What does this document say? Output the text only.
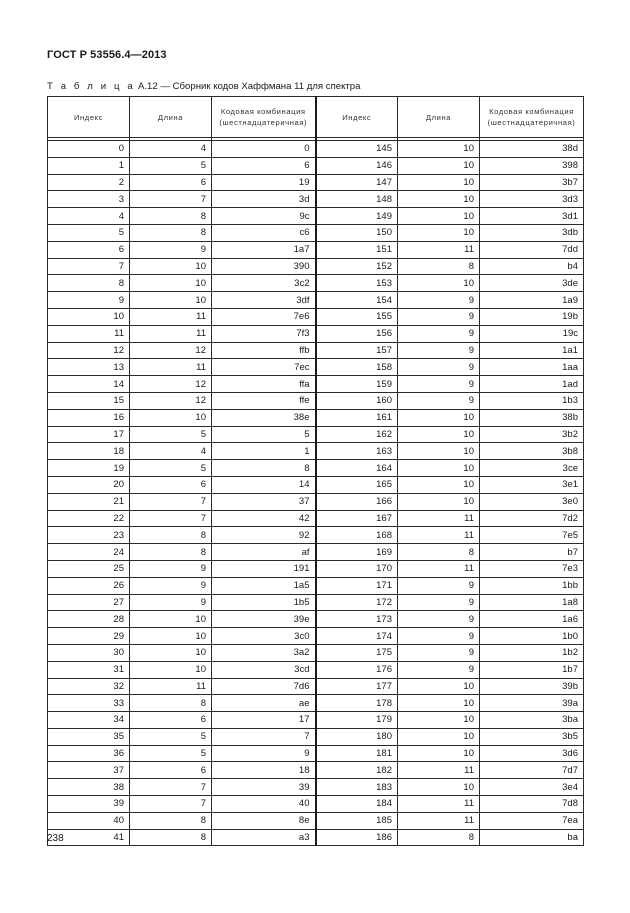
ГОСТ Р 53556.4—2013
Т а б л и ц а А.12 — Сборник кодов Хаффмана 11 для спектра
Индекс	Длина	Кодовая комбинация (шестнадцатеричная)	Индекс	Длина	Кодовая комбинация (шестнадцатеричная)

0	4	0	145	10	38d
1	5	6	146	10	398
2	6	19	147	10	3b7
3	7	3d	148	10	3d3
4	8	9c	149	10	3d1
5	8	c6	150	10	3db
6	9	1a7	151	11	7dd
7	10	390	152	8	b4
8	10	3c2	153	10	3de
9	10	3df	154	9	1a9
10	11	7e6	155	9	19b
11	11	7f3	156	9	19c
12	12	ffb	157	9	1a1
13	11	7ec	158	9	1aa
14	12	ffa	159	9	1ad
15	12	ffe	160	9	1b3
16	10	38e	161	10	38b
17	5	5	162	10	3b2
18	4	1	163	10	3b8
19	5	8	164	10	3ce
20	6	14	165	10	3e1
21	7	37	166	10	3e0
22	7	42	167	11	7d2
23	8	92	168	11	7e5
24	8	af	169	8	b7
25	9	191	170	11	7e3
26	9	1a5	171	9	1bb
27	9	1b5	172	9	1a8
28	10	39e	173	9	1a6
29	10	3c0	174	9	1b0
30	10	3a2	175	9	1b2
31	10	3cd	176	9	1b7
32	11	7d6	177	10	39b
33	8	ae	178	10	39a
34	6	17	179	10	3ba
35	5	7	180	10	3b5
36	5	9	181	10	3d6
37	6	18	182	11	7d7
38	7	39	183	10	3e4
39	7	40	184	11	7d8
40	8	8e	185	11	7ea
41	8	a3	186	8	ba
238
